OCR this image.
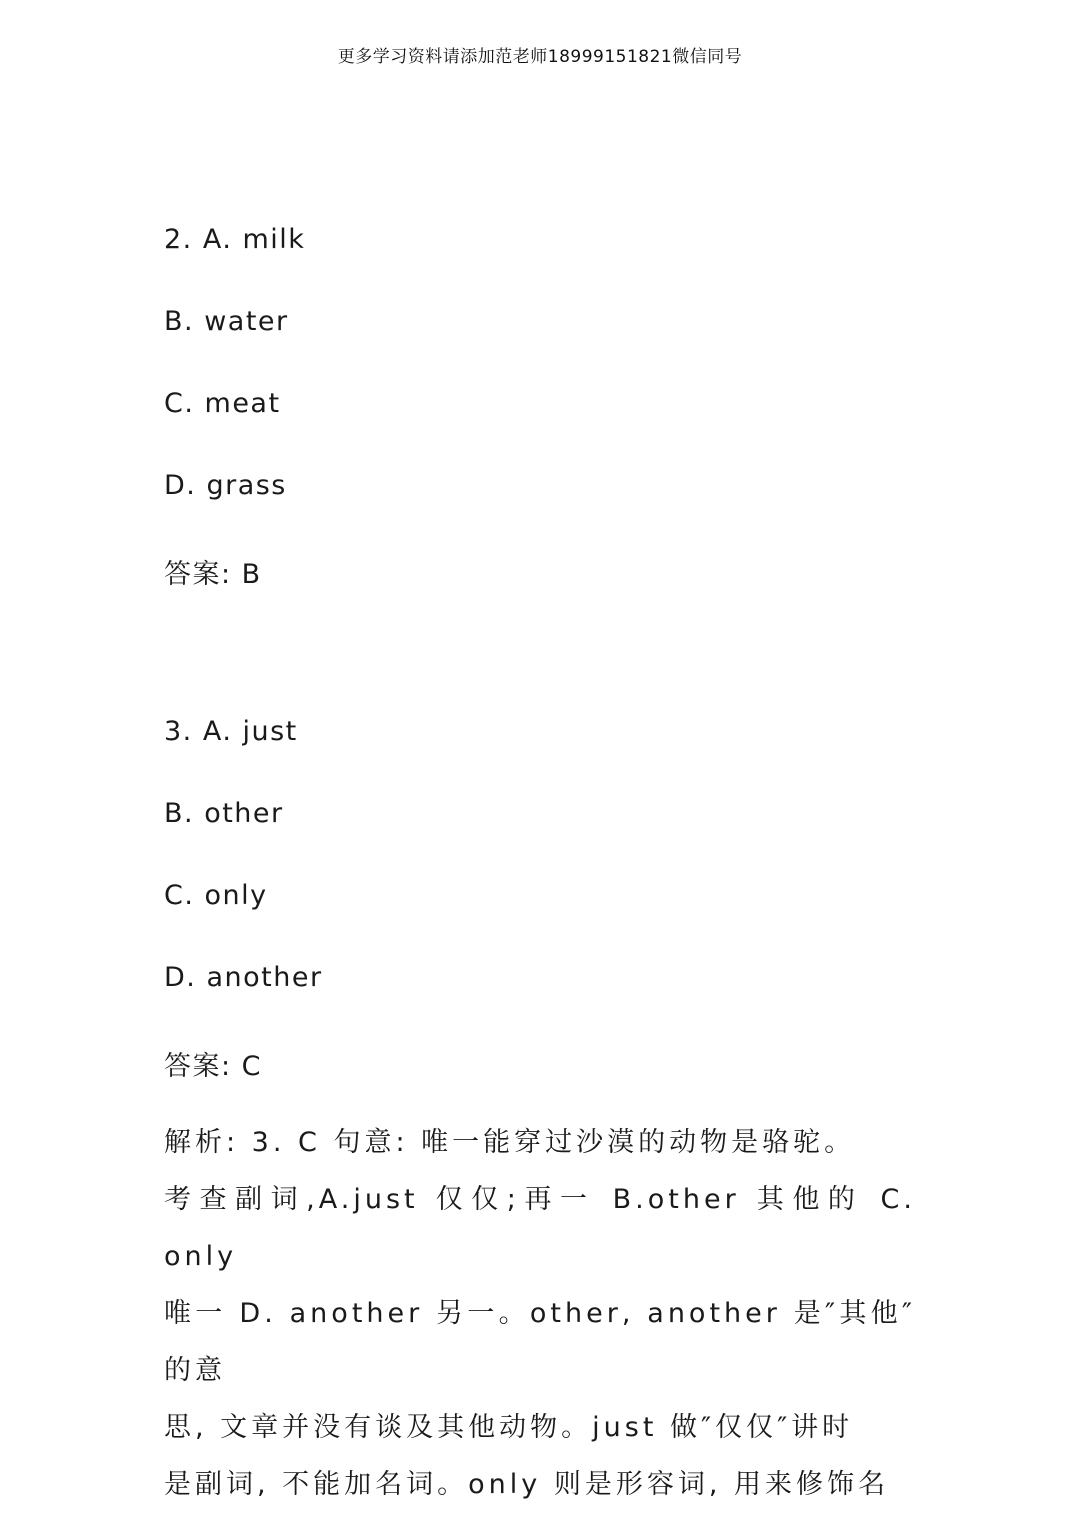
更多学习资料请添加范老师18999151821微信同号
2. A. milk
B. water
C. meat
D. grass
答案: B
3. A. just
B. other
C. only
D. another
答案: C
解析: 3. C 句意: 唯一能穿过沙漠的动物是骆驼。
考查副词,A.just 仅仅;再一 B.other 其他的 C. only
唯一 D. another 另一。other, another 是″其他″的意
思, 文章并没有谈及其他动物。just 做″仅仅″讲时
是副词, 不能加名词。only 则是形容词, 用来修饰名
